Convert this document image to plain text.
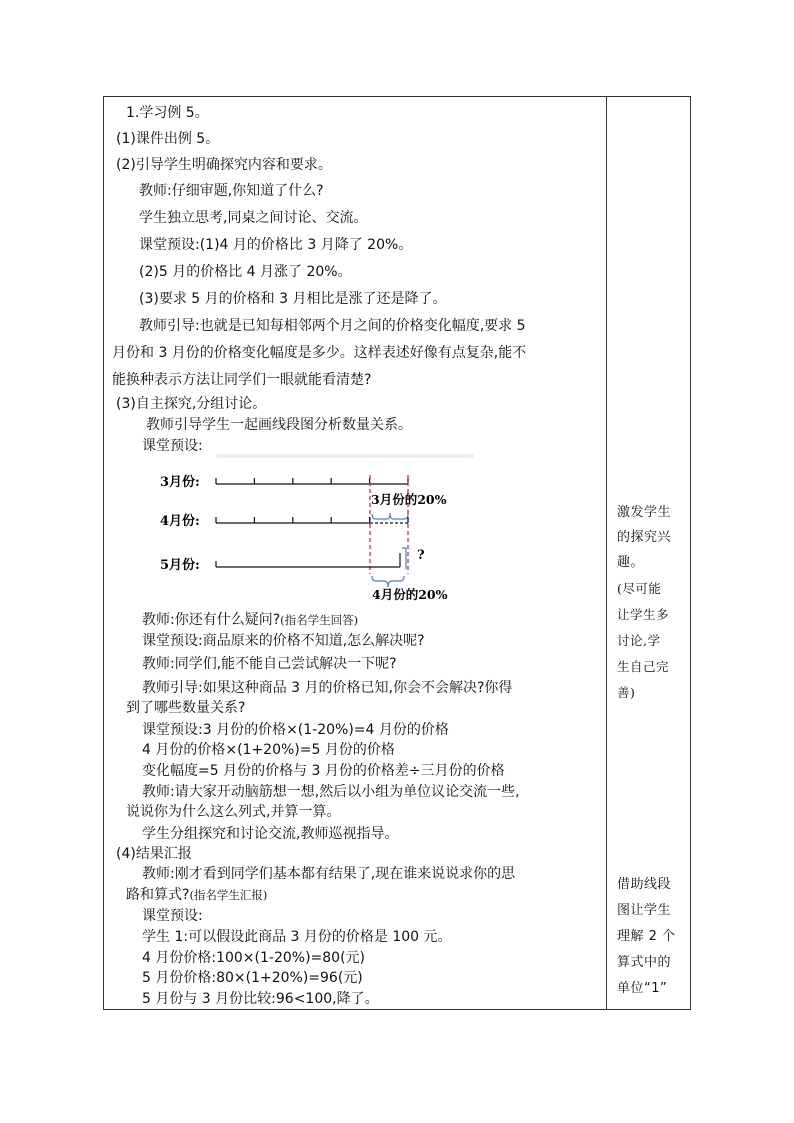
1.学习例 5。
(1)课件出例 5。
(2)引导学生明确探究内容和要求。
教师:仔细审题,你知道了什么?
学生独立思考,同桌之间讨论、交流。
课堂预设:(1)4 月的价格比 3 月降了 20%。
(2)5 月的价格比 4 月涨了 20%。
(3)要求 5 月的价格和 3 月相比是涨了还是降了。
教师引导:也就是已知每相邻两个月之间的价格变化幅度,要求 5
月份和 3 月份的价格变化幅度是多少。这样表述好像有点复杂,能不
能换种表示方法让同学们一眼就能看清楚?
(3)自主探究,分组讨论。
教师引导学生一起画线段图分析数量关系。
课堂预设:
3月份:
3月份的20%
4月份:
5月份:
?
4月份的20%
教师:你还有什么疑问?(指名学生回答)
课堂预设:商品原来的价格不知道,怎么解决呢?
教师:同学们,能不能自己尝试解决一下呢?
教师引导:如果这种商品 3 月的价格已知,你会不会解决?你得
到了哪些数量关系?
课堂预设:3 月份的价格×(1-20%)=4 月份的价格
4 月份的价格×(1+20%)=5 月份的价格
变化幅度=5 月份的价格与 3 月份的价格差÷三月份的价格
教师:请大家开动脑筋想一想,然后以小组为单位议论交流一些,
说说你为什么这么列式,并算一算。
学生分组探究和讨论交流,教师巡视指导。
(4)结果汇报
教师:刚才看到同学们基本都有结果了,现在谁来说说求你的思
路和算式?(指名学生汇报)
课堂预设:
学生 1:可以假设此商品 3 月份的价格是 100 元。
4 月份价格:100×(1-20%)=80(元)
5 月份价格:80×(1+20%)=96(元)
5 月份与 3 月份比较:96<100,降了。
激发学生
的探究兴
趣。
(尽可能
让学生多
讨论,学
生自己完
善)
借助线段
图让学生
理解 2 个
算式中的
单位“1”
